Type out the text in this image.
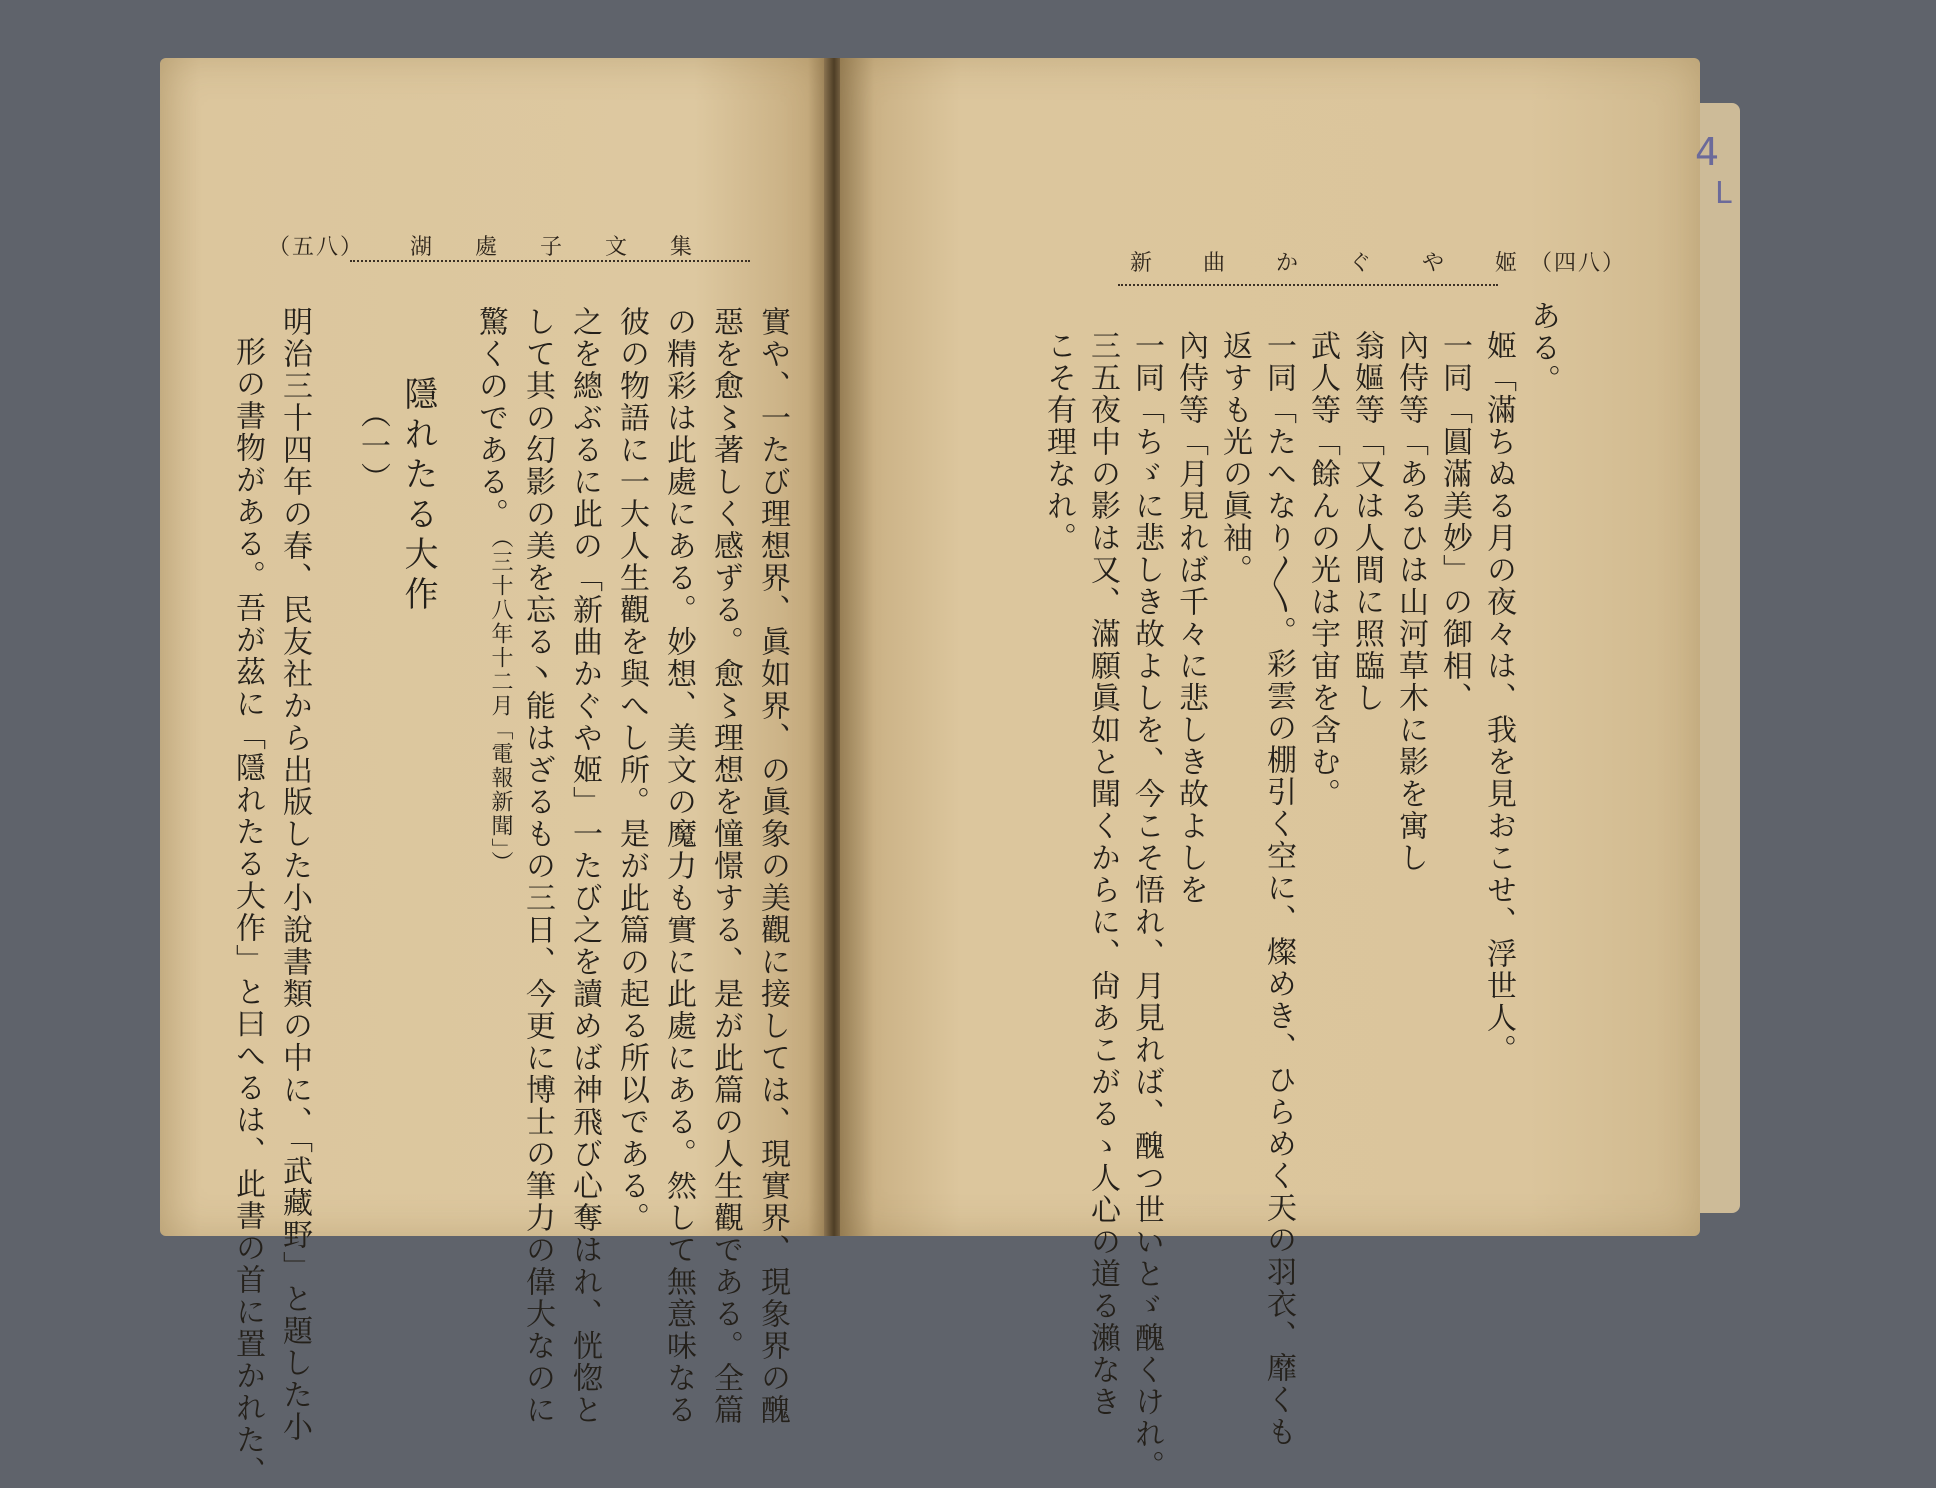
（五八） 湖 處 子 文 集
實や、一たび理想界、眞如界、の眞象の美觀に接しては、現實界、現象界の醜
惡を愈〻著しく感ずる。愈〻理想を憧憬する、是が此篇の人生觀である。全篇
の精彩は此處にある。妙想、美文の魔力も實に此處にある。然して無意味なる
彼の物語に一大人生觀を與へし所。是が此篇の起る所以である。
之を總ぶるに此の「新曲かぐや姬」一たび之を讀めば神飛び心奪はれ、恍惚と
して其の幻影の美を忘る丶能はざるもの三日、今更に博士の筆力の偉大なのに
驚くのである。
（三十八年十二月「電報新聞」）
隱れたる大作
（一）
明治三十四年の春、民友社から出版した小說書類の中に、「武藏野」と題した小
形の書物がある。吾が茲に「隱れたる大作」と曰へるは、此書の首に置かれた、
新 曲 か ぐ や 姬
（四八）
ある。
姬「滿ちぬる月の夜々は、我を見おこせ、浮世人。
一同「圓滿美妙」の御相、
內侍等「あるひは山河草木に影を寓し
翁嫗等「又は人間に照臨し
武人等「餘んの光は宇宙を含む。
一同「たへなり〳〵。彩雲の棚引く空に、燦めき、ひらめく天の羽衣、靡くも
返すも光の眞袖。
內侍等「月見れば千々に悲しき故よしを
一同「ちゞに悲しき故よしを、今こそ悟れ、月見れば、醜つ世いとゞ醜くけれ。
三五夜中の影は又、滿願眞如と聞くからに、尙あこがるゝ人心の道る瀨なき
こそ有理なれ。
4
ᒪ
